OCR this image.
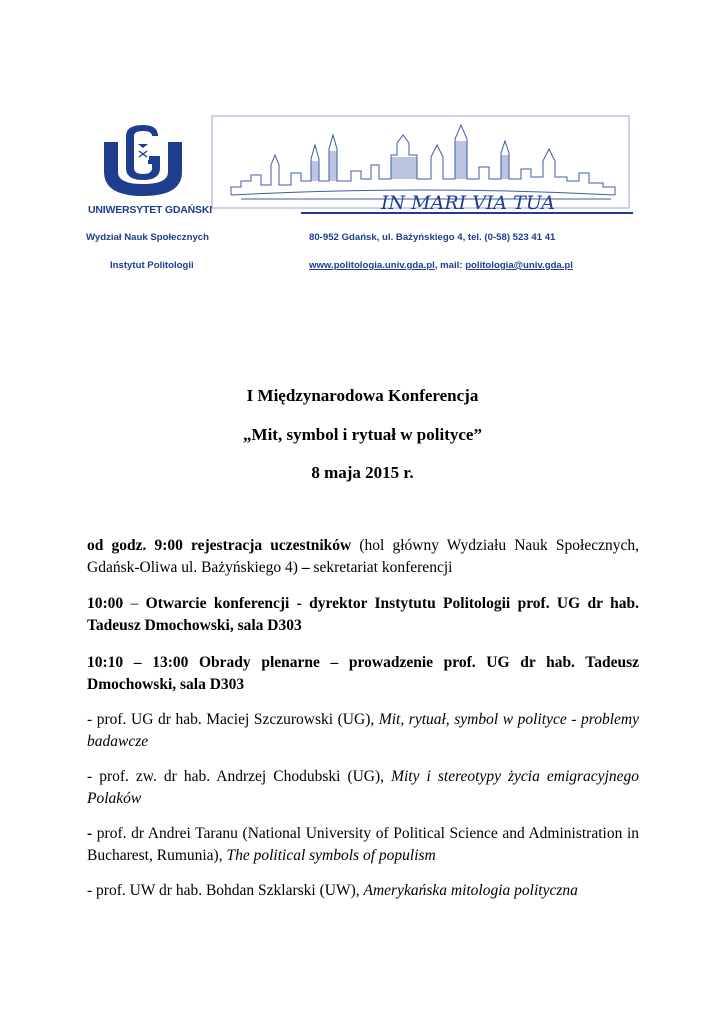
UNIWERSYTET GDAŃSKI	IN MARI VIA TUA
Wydział Nauk Społecznych	80-952 Gdańsk, ul. Bażyńskiego 4, tel. (0-58) 523 41 41
Instytut Politologii	www.politologia.univ.gda.pl, mail: politologia@univ.gda.pl
I Międzynarodowa Konferencja
„Mit, symbol i rytuał w polityce”
8 maja 2015 r.
od godz. 9:00 rejestracja uczestników (hol główny Wydziału Nauk Społecznych, Gdańsk-Oliwa ul. Bażyńskiego 4) – sekretariat konferencji
10:00 – Otwarcie konferencji - dyrektor Instytutu Politologii prof. UG dr hab. Tadeusz Dmochowski, sala D303
10:10 – 13:00 Obrady plenarne – prowadzenie prof. UG dr hab. Tadeusz Dmochowski, sala D303
- prof. UG dr hab. Maciej Szczurowski (UG), Mit, rytuał, symbol w polityce - problemy badawcze
- prof. zw. dr hab. Andrzej Chodubski (UG), Mity i stereotypy życia emigracyjnego Polaków
- prof. dr Andrei Taranu (National University of Political Science and Administration in Bucharest, Rumunia), The political symbols of populism
- prof. UW dr hab. Bohdan Szklarski (UW), Amerykańska mitologia polityczna
